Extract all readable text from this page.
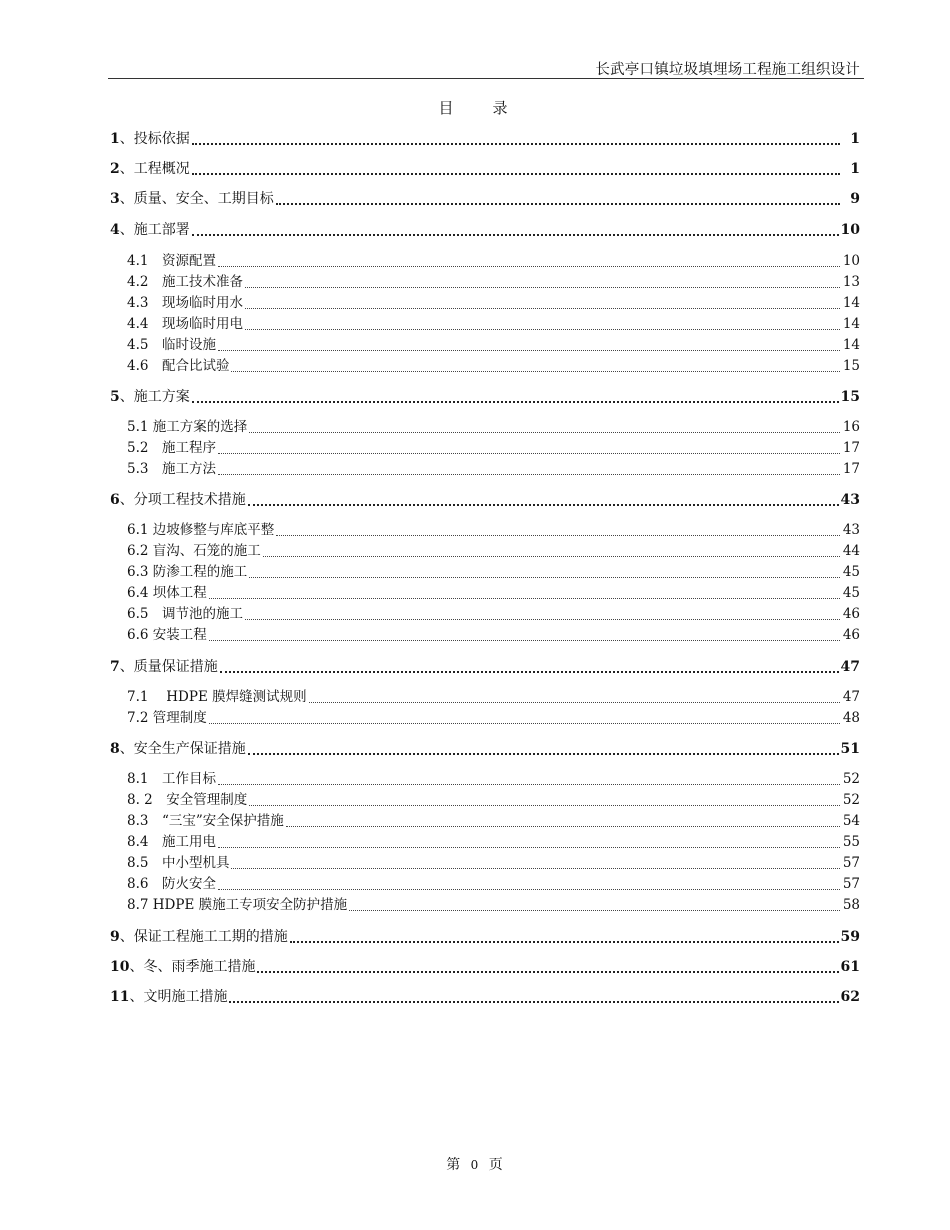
长武亭口镇垃圾填埋场工程施工组织设计
目　录
1 、 投标依据	1
2 、 工程概况	1
3 、 质量、安全、工期目标	9
4 、 施工部署	10
4.1　资源配置	10
4.2　施工技术准备	13
4.3　现场临时用水	14
4.4　现场临时用电	14
4.5　临时设施	14
4.6　配合比试验	15
5 、 施工方案	15
5.1 施工方案的选择	16
5.2　施工程序	17
5.3　施工方法	17
6 、 分项工程技术措施	43
6.1 边坡修整与库底平整	43
6.2 盲沟、石笼的施工	44
6.3 防渗工程的施工	45
6.4 坝体工程	45
6.5　调节池的施工	46
6.6 安装工程	46
7 、 质量保证措施	47
7.1　 HDPE 膜焊缝测试规则	47
7.2 管理制度	48
8 、 安全生产保证措施	51
8.1　工作目标	52
8. 2　安全管理制度	52
8.3　“三宝”安全保护措施	54
8.4　施工用电	55
8.5　中小型机具	57
8.6　防火安全	57
8.7 HDPE 膜施工专项安全防护措施	58
9 、 保证工程施工工期的措施	59
10 、 冬、雨季施工措施	61
11 、 文明施工措施	62
第 0 页
